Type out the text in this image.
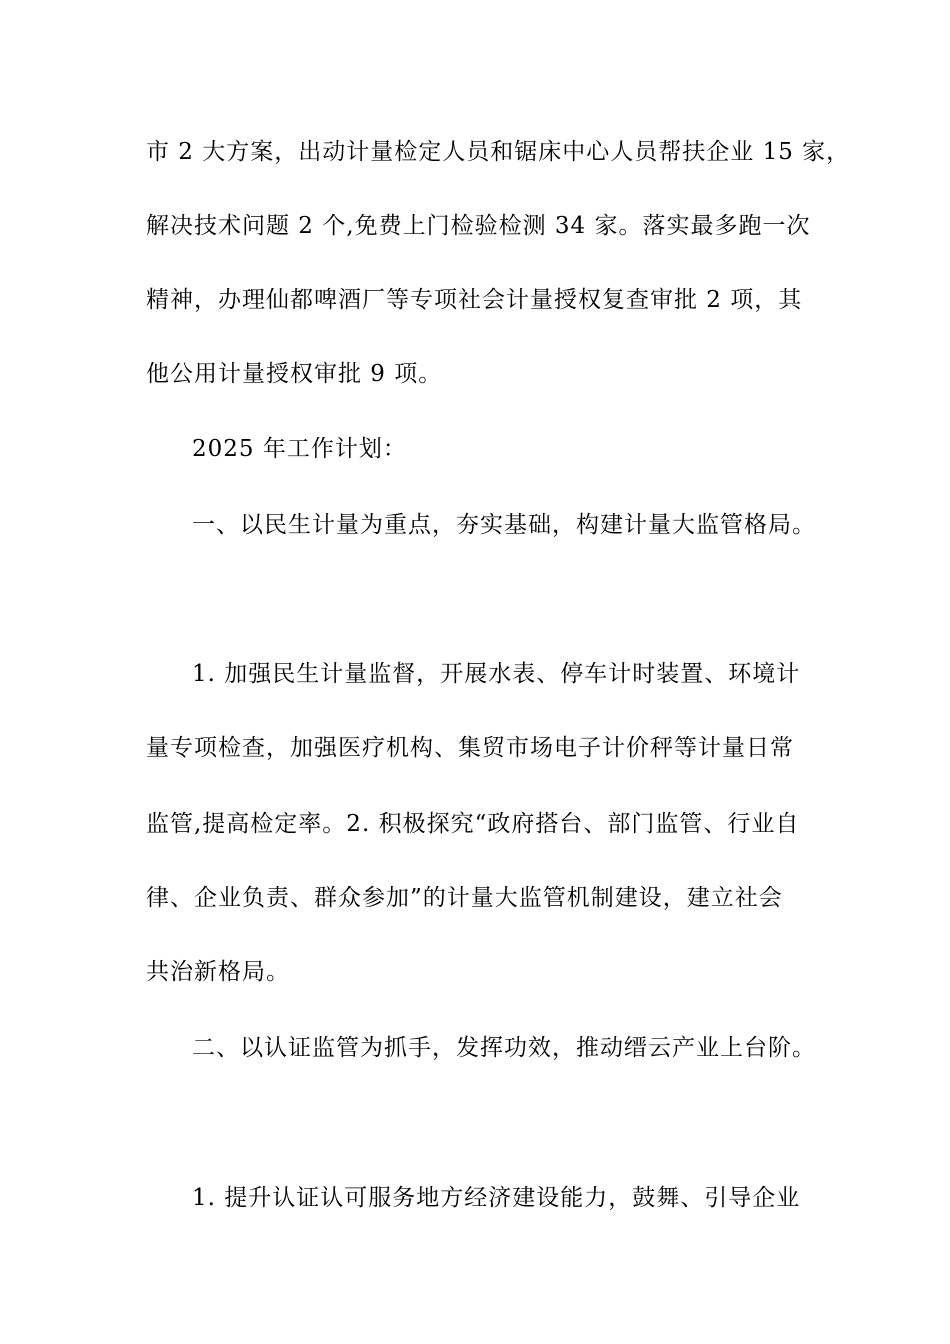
市 2 大方案，出动计量检定人员和锯床中心人员帮扶企业 15 家，
解决技术问题 2 个,免费上门检验检测 34 家。落实最多跑一次
精神，办理仙都啤酒厂等专项社会计量授权复查审批 2 项，其
他公用计量授权审批 9 项。
2025 年工作计划：
一、以民生计量为重点，夯实基础，构建计量大监管格局。
1. 加强民生计量监督，开展水表、停车计时装置、环境计
量专项检查，加强医疗机构、集贸市场电子计价秤等计量日常
监管,提高检定率。2. 积极探究“政府搭台、部门监管、行业自
律、企业负责、群众参加”的计量大监管机制建设，建立社会
共治新格局。
二、以认证监管为抓手，发挥功效，推动缙云产业上台阶。
1. 提升认证认可服务地方经济建设能力，鼓舞、引导企业
